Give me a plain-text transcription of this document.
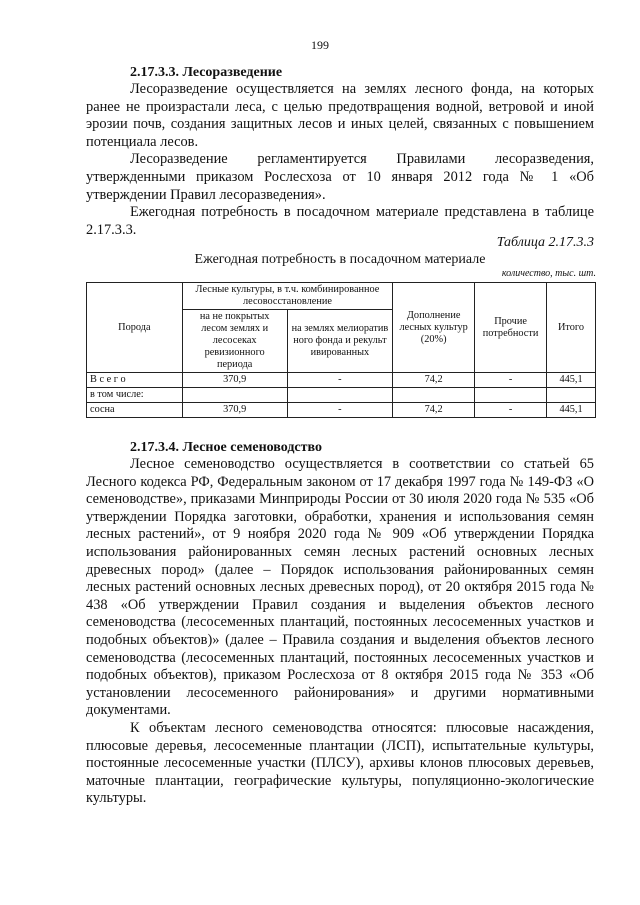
199
2.17.3.3. Лесоразведение

Лесоразведение осуществляется на землях лесного фонда, на которых ранее не произрастали леса, с целью предотвращения водной, ветровой и иной эрозии почв, создания защитных лесов и иных целей, связанных с повышением потенциала лесов.

Лесоразведение регламентируется Правилами лесоразведения, утвержденными приказом Рослесхоза от 10 января 2012 года № 1 «Об утверждении Правил лесоразведения».

Ежегодная потребность в посадочном материале представлена в таблице 2.17.3.3.

Таблица 2.17.3.3
Ежегодная потребность в посадочном материале
количество, тыс. шт.
Порода	Лесные культуры, в т.ч. комбинированное лесовосстановление		Дополнение лесных культур (20%)	Прочие потребности	Итого
	на не покрытых лесом землях и лесосеках ревизионного периода	на землях мелиоративного фонда и рекультивированных			
В с е г о	370,9	-	74,2	-	445,1
в том числе:					
сосна	370,9	-	74,2	-	445,1
2.17.3.4. Лесное семеноводство

Лесное семеноводство осуществляется в соответствии со статьей 65 Лесного кодекса РФ, Федеральным законом от 17 декабря 1997 года № 149-ФЗ «О семеноводстве», приказами Минприроды России от 30 июля 2020 года № 535 «Об утверждении Порядка заготовки, обработки, хранения и использования семян лесных растений», от 9 ноября 2020 года № 909 «Об утверждении Порядка использования районированных семян лесных растений основных лесных древесных пород» (далее – Порядок использования районированных семян лесных растений основных лесных древесных пород), от 20 октября 2015 года № 438 «Об утверждении Правил создания и выделения объектов лесного семеноводства (лесосеменных плантаций, постоянных лесосеменных участков и подобных объектов)» (далее – Правила создания и выделения объектов лесного семеноводства (лесосеменных плантаций, постоянных лесосеменных участков и подобных объектов), приказом Рослесхоза от 8 октября 2015 года № 353 «Об установлении лесосеменного районирования» и другими нормативными документами.

К объектам лесного семеноводства относятся: плюсовые насаждения, плюсовые деревья, лесосеменные плантации (ЛСП), испытательные культуры, постоянные лесосеменные участки (ПЛСУ), архивы клонов плюсовых деревьев, маточные плантации, географические культуры, популяционно-экологические культуры.
